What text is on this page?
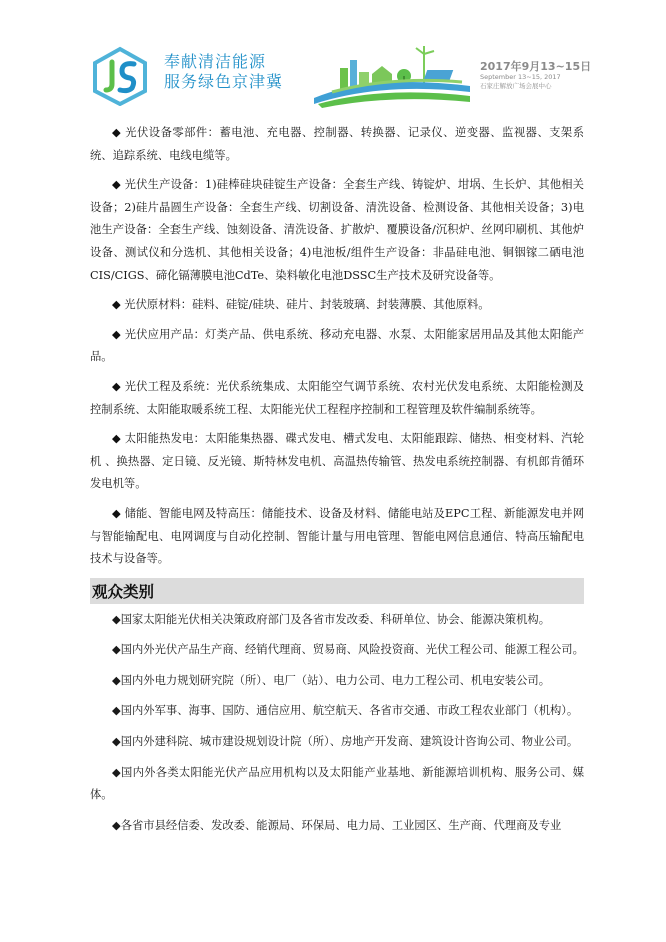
奉献清洁能源
服务绿色京津冀
2017年9月13~15日
September 13~15, 2017
石家庄解放广场会展中心

◆ 光伏设备零部件：蓄电池、充电器、控制器、转换器、记录仪、逆变器、监视器、支架系统、追踪系统、电线电缆等。

◆ 光伏生产设备：1)硅棒硅块硅锭生产设备：全套生产线、铸锭炉、坩埚、生长炉、其他相关设备；2)硅片晶圆生产设备：全套生产线、切割设备、清洗设备、检测设备、其他相关设备；3)电池生产设备：全套生产线、蚀刻设备、清洗设备、扩散炉、覆膜设备/沉积炉、丝网印刷机、其他炉设备、测试仪和分选机、其他相关设备；4)电池板/组件生产设备：非晶硅电池、铜铟镓二硒电池CIS/CIGS、碲化镉薄膜电池CdTe、染料敏化电池DSSC生产技术及研究设备等。

◆ 光伏原材料：硅料、硅锭/硅块、硅片、封装玻璃、封装薄膜、其他原料。

◆ 光伏应用产品：灯类产品、供电系统、移动充电器、水泵、太阳能家居用品及其他太阳能产品。

◆ 光伏工程及系统：光伏系统集成、太阳能空气调节系统、农村光伏发电系统、太阳能检测及 控制系统、太阳能取暖系统工程、太阳能光伏工程程序控制和工程管理及软件编制系统等。

◆ 太阳能热发电：太阳能集热器、碟式发电、槽式发电、太阳能跟踪、储热、相变材料、汽轮机 、换热器、定日镜、反光镜、斯特林发电机、高温热传输管、热发电系统控制器、有机郎肯循环发电机等。

◆ 储能、智能电网及特高压：储能技术、设备及材料、储能电站及EPC工程、新能源发电并网与智能输配电、电网调度与自动化控制、智能计量与用电管理、智能电网信息通信、特高压输配电技术与设备等。

观众类别

◆国家太阳能光伏相关决策政府部门及各省市发改委、科研单位、协会、能源决策机构。

◆国内外光伏产品生产商、经销代理商、贸易商、风险投资商、光伏工程公司、能源工程公司。

◆国内外电力规划研究院（所）、电厂（站）、电力公司、电力工程公司、机电安装公司。

◆国内外军事、海事、国防、通信应用、航空航天、各省市交通、市政工程农业部门（机构）。

◆国内外建科院、城市建设规划设计院（所）、房地产开发商、建筑设计咨询公司、物业公司。

◆国内外各类太阳能光伏产品应用机构以及太阳能产业基地、新能源培训机构、服务公司、媒体。

◆各省市县经信委、发改委、能源局、环保局、电力局、工业园区、生产商、代理商及专业
